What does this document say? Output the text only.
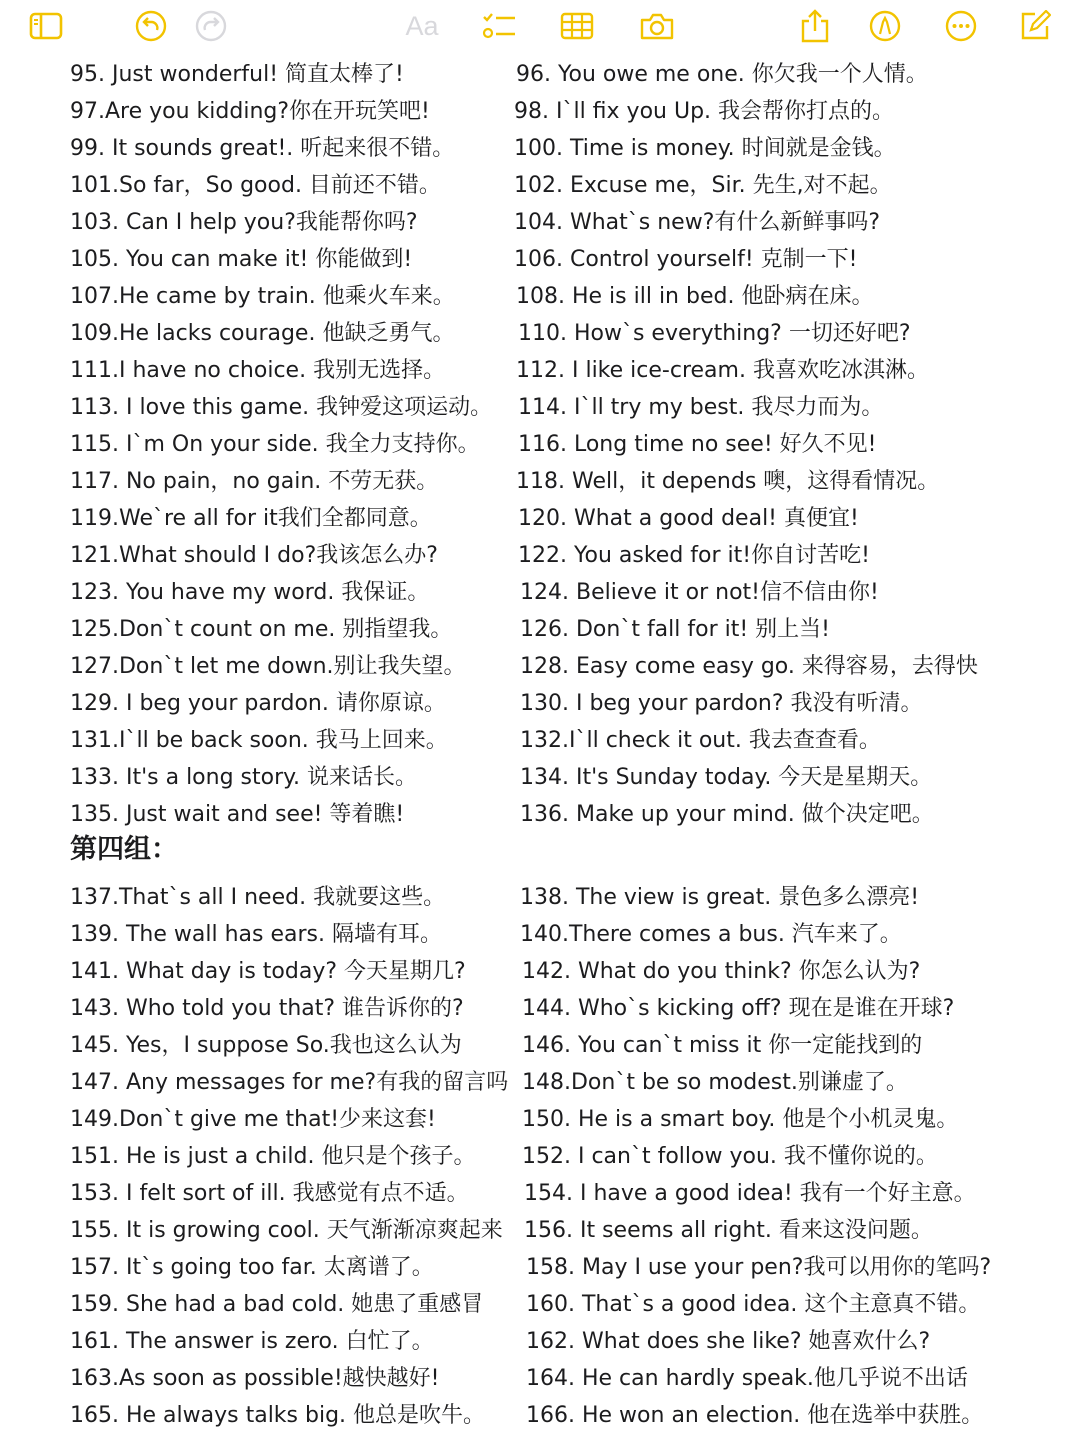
Aa
95. Just wonderful! 简直太棒了!	96. You owe me one. 你欠我一个人情。
97.Are you kidding?你在开玩笑吧!	98. I`ll fix you Up. 我会帮你打点的。
99. It sounds great!. 听起来很不错。	100. Time is money. 时间就是金钱。
101.So far，So good. 目前还不错。	102. Excuse me，Sir. 先生,对不起。
103. Can I help you?我能帮你吗?	104. What`s new?有什么新鲜事吗?
105. You can make it! 你能做到!	106. Control yourself! 克制一下!
107.He came by train. 他乘火车来。	108. He is ill in bed. 他卧病在床。
109.He lacks courage. 他缺乏勇气。	110. How`s everything? 一切还好吧?
111.I have no choice. 我别无选择。	112. I like ice-cream. 我喜欢吃冰淇淋。
113. I love this game. 我钟爱这项运动。 114. I`ll try my best. 我尽力而为。
115. I`m On your side. 我全力支持你。 116. Long time no see! 好久不见!
117. No pain，no gain. 不劳无获。	118. Well，it depends 噢，这得看情况。
119.We`re all for it我们全都同意。	120. What a good deal! 真便宜!
121.What should I do?我该怎么办?	122. You asked for it!你自讨苦吃!
123. You have my word. 我保证。	124. Believe it or not!信不信由你!
125.Don`t count on me. 别指望我。	126. Don`t fall for it! 别上当!
127.Don`t let me down.别让我失望。 128. Easy come easy go. 来得容易，去得快
129. I beg your pardon. 请你原谅。	130. I beg your pardon? 我没有听清。
131.I`ll be back soon. 我马上回来。	132.I`ll check it out. 我去查查看。
133. It's a long story. 说来话长。	134. It's Sunday today. 今天是星期天。
135. Just wait and see! 等着瞧!	136. Make up your mind. 做个决定吧。
第四组：
137.That`s all I need. 我就要这些。	138. The view is great. 景色多么漂亮!
139. The wall has ears. 隔墙有耳。	140.There comes a bus. 汽车来了。
141. What day is today? 今天星期几?	142. What do you think? 你怎么认为?
143. Who told you that? 谁告诉你的?	144. Who`s kicking off? 现在是谁在开球?
145. Yes，I suppose So.我也这么认为	146. You can`t miss it 你一定能找到的
147. Any messages for me?有我的留言吗 148.Don`t be so modest.别谦虚了。
149.Don`t give me that!少来这套!	150. He is a smart boy. 他是个小机灵鬼。
151. He is just a child. 他只是个孩子。 152. I can`t follow you. 我不懂你说的。
153. I felt sort of ill. 我感觉有点不适。	154. I have a good idea! 我有一个好主意。
155. It is growing cool. 天气渐渐凉爽起来 156. It seems all right. 看来这没问题。
157. It`s going too far. 太离谱了。	158. May I use your pen?我可以用你的笔吗?
159. She had a bad cold. 她患了重感冒 160. That`s a good idea. 这个主意真不错。
161. The answer is zero. 白忙了。	162. What does she like? 她喜欢什么?
163.As soon as possible!越快越好!	164. He can hardly speak.他几乎说不出话
165. He always talks big. 他总是吹牛。 166. He won an election. 他在选举中获胜。
